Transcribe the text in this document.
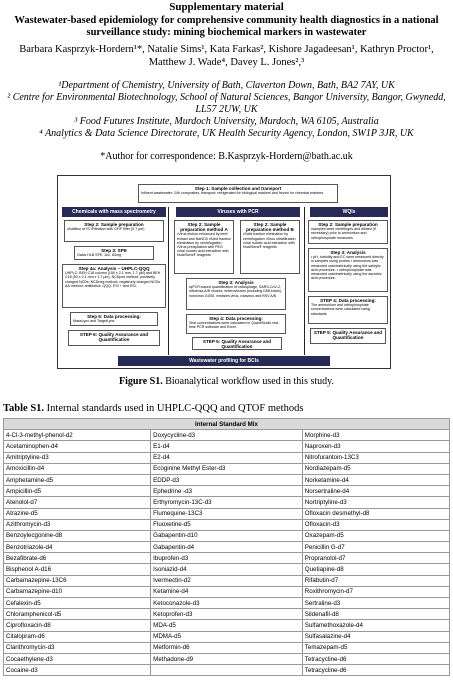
Supplementary material
Wastewater-based epidemiology for comprehensive community health diagnostics in a national surveillance study: mining biochemical markers in wastewater
Barbara Kasprzyk-Hordern¹*, Natalie Sims¹, Kata Farkas², Kishore Jagadeesan¹, Kathryn Proctor¹, Matthew J. Wade⁴, Davey L. Jones²,³
¹Department of Chemistry, University of Bath, Claverton Down, Bath, BA2 7AY, UK
² Centre for Environmental Biotechnology, School of Natural Sciences, Bangor University, Bangor, Gwynedd, LL57 2UW, UK
³ Food Futures Institute, Murdoch University, Murdoch, WA 6105, Australia
⁴ Analytics & Data Science Directorate, UK Health Security Agency, London, SW1P 3JR, UK
*Author for correspondence: B.Kasprzyk-Hordern@bath.ac.uk
Step 1: Sample collection and transport
Influent wastewater: 24h composites, transport: refrigerated for biological markers and frozen for chemical markers
Chemicals with mass spectrometry	Viruses with PCR	WQIs
Step 2: Sample preparation
•Addition of IS •Filtration with GF/F filter (0.7 µm)
Step 3: SPE
Oasis HLB SPE, 3cc, 60mg
Step 4a: Analysis – UHPLC-QQQ
UHPLC: BEH C18 column (150 x 2.1 mm, 1.7 µM) and BEH C18 (50 x 2.1 mm x 1.7 µm). NCDpos method: positively charged NCDs; NCDneg method: negatively charged NCDs. AA method: antibiotics. QQQ: ESI + and ESI-
Step 5: Data processing:
MassLynx and TargetLynx
STEP 6: Quality Assurance and Quantification
Step 2: Sample preparation method A
•Virus elution enhanced by beef extract and NaNO3 •Solid fraction elimination by centrifugation •Virus precipitation with PEG •viral nucleic acid extraction with NucliSens® reagents
Step 2: Sample preparation method B
•Solid fraction elimination by centrifugation •Virus ultrafiltration •viral nucleic acid extraction with NucliSens® reagents
Step 3: Analysis
•qPCR-based quantification of crAssphage, SARS-CoV-2, influenza A/B viruses, enteroviruses (including D68 strain), norovirus GI/GII, measles virus, rotavirus and RSV A/B
Step 4: Data processing:
Viral concentrations were calculated in QuantStudio real-time PCR software and Excel.
STEP 5: Quality Assurance and Quantification
Step 2: Sample preparation
•samples were centrifuges and diluted (if necessary) prior to ammonium and orthophosphate measures
Step 3: Analysis
• pH, turbidity and EC were measured directly in samples using probes • ammonium was measured calorimetrically using the salicylic acid procedure. • orthophosphate was measured calorimetrically using the ascorbic acid procedure.
STEP 4: Data processing:
The ammonium and orthophosphate concentrations were calculated using standards
STEP 5: Quality Assurance and Quantification
Wastewater profiling for BCIs
Figure S1. Bioanalytical workflow used in this study.
Table S1. Internal standards used in UHPLC-QQQ and QTOF methods
Internal Standard Mix		
4-Cl-3-methyl-phenol-d2	Doxycycline-d3	Morphine-d3
Acetaminophen-d4	E1-d4	Naproxen-d3
Amitriptyline-d3	E2-d4	Nitrofurantoin-13C3
Amoxicillin-d4	Ecoginine Methyl Ester-d3	Nordiazepam-d5
Amphetamine-d5	EDDP-d3	Norketamine-d4
Ampicillin-d5	Ephedrine -d3	Norsertraline-d4
Atenolol-d7	Erthyromycin-13C-d3	Nortriptyline-d3
Atrazine-d5	Flumequine-13C3	Ofloxacin desmethyl-d8
Azithromycin-d3	Fluoxetine-d5	Ofloxacin-d3
Benzoylecgonine-d8	Gabapentin-d10	Oxazepam-d5
Benzotriazole-d4	Gabapentin-d4	Penicillin G-d7
Bezafibrate-d6	Ibuprofen-d3	Propranolol-d7
Bisphenol A-d16	Isoniazid-d4	Quetiapine-d8
Carbamazepine-13C6	Ivermectin-d2	Rifabutin-d7
Carbamazepine-d10	Ketamine-d4	Roxithromycin-d7
Cefalexin-d5	Ketoconazole-d3	Sertraline-d3
Chloramphenicol-d5	Ketoprofen-d3	Sildenafil-d8
Ciprofloxacin-d8	MDA-d5	Sulfamethoxazole-d4
Citalopram-d6	MDMA-d5	Sulfasalazine-d4
Clarithromycin-d3	Metformin-d6	Temazepam-d5
Cocaethylene-d3	Methadone-d9	Tetracycline-d6
Cocaine-d3		Tetracycline-d6
